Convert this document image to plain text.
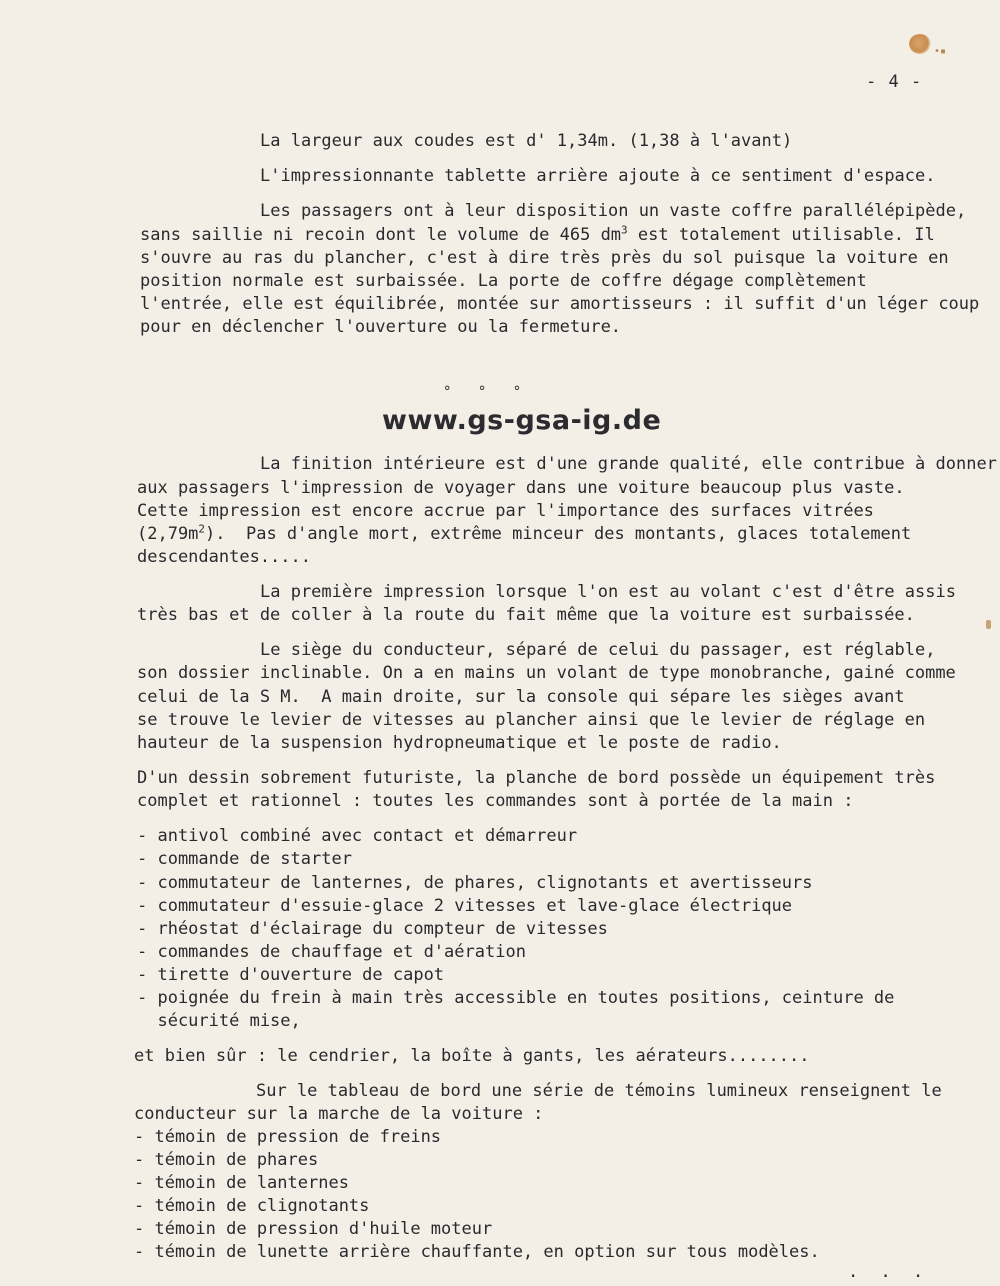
•▪
- 4 -
La largeur aux coudes est d' 1,34m. (1,38 à l'avant)
L'impressionnante tablette arrière ajoute à ce sentiment d'espace.
Les passagers ont à leur disposition un vaste coffre parallélépipède,
sans saillie ni recoin dont le volume de 465 $dm^3$ est totalement utilisable. Il
s'ouvre au ras du plancher, c'est à dire très près du sol puisque la voiture en
position normale est surbaissée. La porte de coffre dégage complètement
l'entrée, elle est équilibrée, montée sur amortisseurs : il suffit d'un léger coup
pour en déclencher l'ouverture ou la fermeture.
° ° °
www.gs-gsa-ig.de
La finition intérieure est d'une grande qualité, elle contribue à donner
aux passagers l'impression de voyager dans une voiture beaucoup plus vaste.
Cette impression est encore accrue par l'importance des surfaces vitrées
$(2,79m^2)$.  Pas d'angle mort, extrême minceur des montants, glaces totalement
descendantes.....
La première impression lorsque l'on est au volant c'est d'être assis
très bas et de coller à la route du fait même que la voiture est surbaissée.
Le siège du conducteur, séparé de celui du passager, est réglable,
son dossier inclinable. On a en mains un volant de type monobranche, gainé comme
celui de la S M.  A main droite, sur la console qui sépare les sièges avant
se trouve le levier de vitesses au plancher ainsi que le levier de réglage en
hauteur de la suspension hydropneumatique et le poste de radio.
D'un dessin sobrement futuriste, la planche de bord possède un équipement très
complet et rationnel : toutes les commandes sont à portée de la main :
- antivol combiné avec contact et démarreur
- commande de starter
- commutateur de lanternes, de phares, clignotants et avertisseurs
- commutateur d'essuie-glace 2 vitesses et lave-glace électrique
- rhéostat d'éclairage du compteur de vitesses
- commandes de chauffage et d'aération
- tirette d'ouverture de capot
- poignée du frein à main très accessible en toutes positions, ceinture de
sécurité mise,
et bien sûr : le cendrier, la boîte à gants, les aérateurs........
Sur le tableau de bord une série de témoins lumineux renseignent le
conducteur sur la marche de la voiture :
- témoin de pression de freins
- témoin de phares
- témoin de lanternes
- témoin de clignotants
- témoin de pression d'huile moteur
- témoin de lunette arrière chauffante, en option sur tous modèles.
. . .
